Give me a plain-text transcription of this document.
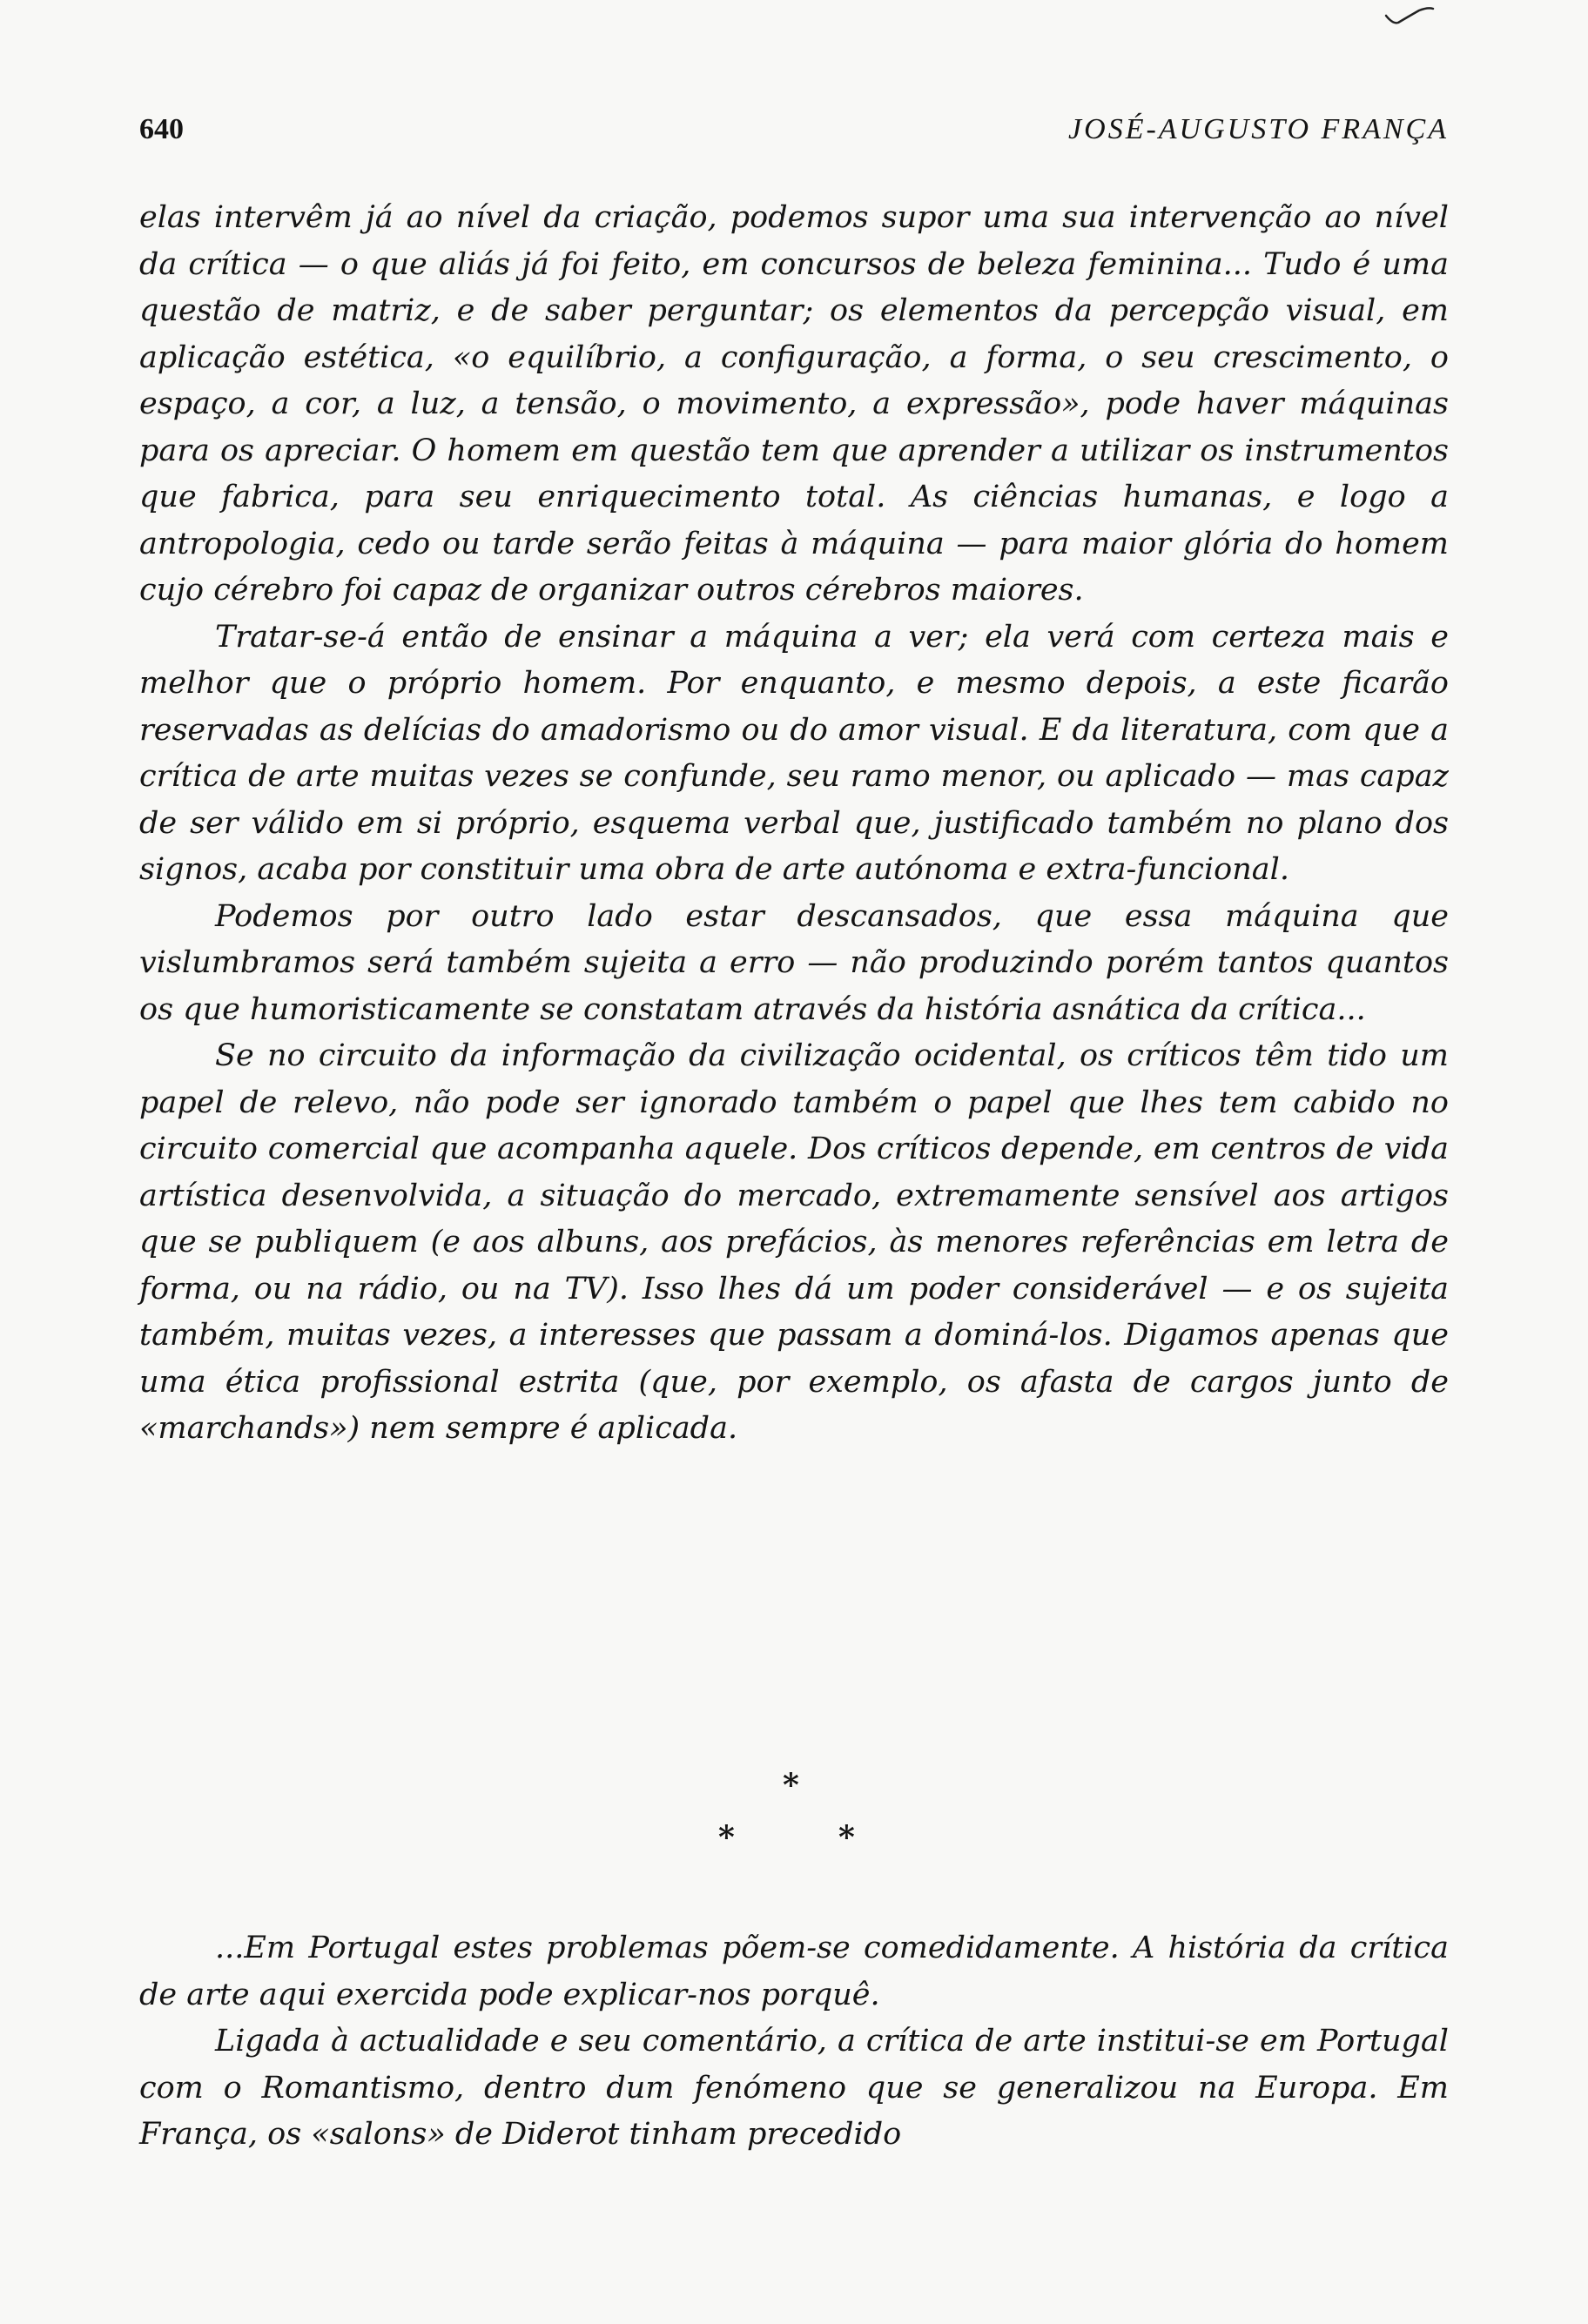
640	JOSÉ-AUGUSTO FRANÇA

elas intervêm já ao nível da criação, podemos supor uma sua intervenção ao nível da crítica — o que aliás já foi feito, em concursos de beleza feminina... Tudo é uma questão de matriz, e de saber perguntar; os elementos da percepção visual, em aplicação estética, «o equilíbrio, a configuração, a forma, o seu crescimento, o espaço, a cor, a luz, a tensão, o movimento, a expressão», pode haver máquinas para os apreciar. O homem em questão tem que aprender a utilizar os instrumentos que fabrica, para seu enriquecimento total. As ciências humanas, e logo a antropologia, cedo ou tarde serão feitas à máquina — para maior glória do homem cujo cérebro foi capaz de organizar outros cérebros maiores.

Tratar-se-á então de ensinar a máquina a ver; ela verá com certeza mais e melhor que o próprio homem. Por enquanto, e mesmo depois, a este ficarão reservadas as delícias do amadorismo ou do amor visual. E da literatura, com que a crítica de arte muitas vezes se confunde, seu ramo menor, ou aplicado — mas capaz de ser válido em si próprio, esquema verbal que, justificado também no plano dos signos, acaba por constituir uma obra de arte autónoma e extra-funcional.

Podemos por outro lado estar descansados, que essa máquina que vislumbramos será também sujeita a erro — não produzindo porém tantos quantos os que humoristicamente se constatam através da história asnática da crítica...

Se no circuito da informação da civilização ocidental, os críticos têm tido um papel de relevo, não pode ser ignorado também o papel que lhes tem cabido no circuito comercial que acompanha aquele. Dos críticos depende, em centros de vida artística desenvolvida, a situação do mercado, extremamente sensível aos artigos que se publiquem (e aos albuns, aos prefácios, às menores referências em letra de forma, ou na rádio, ou na TV). Isso lhes dá um poder considerável — e os sujeita também, muitas vezes, a interesses que passam a dominá-los. Digamos apenas que uma ética profissional estrita (que, por exemplo, os afasta de cargos junto de «marchands») nem sempre é aplicada.

*
*	*

...Em Portugal estes problemas põem-se comedidamente. A história da crítica de arte aqui exercida pode explicar-nos porquê.

Ligada à actualidade e seu comentário, a crítica de arte institui-se em Portugal com o Romantismo, dentro dum fenómeno que se generalizou na Europa. Em França, os «salons» de Diderot tinham precedido
